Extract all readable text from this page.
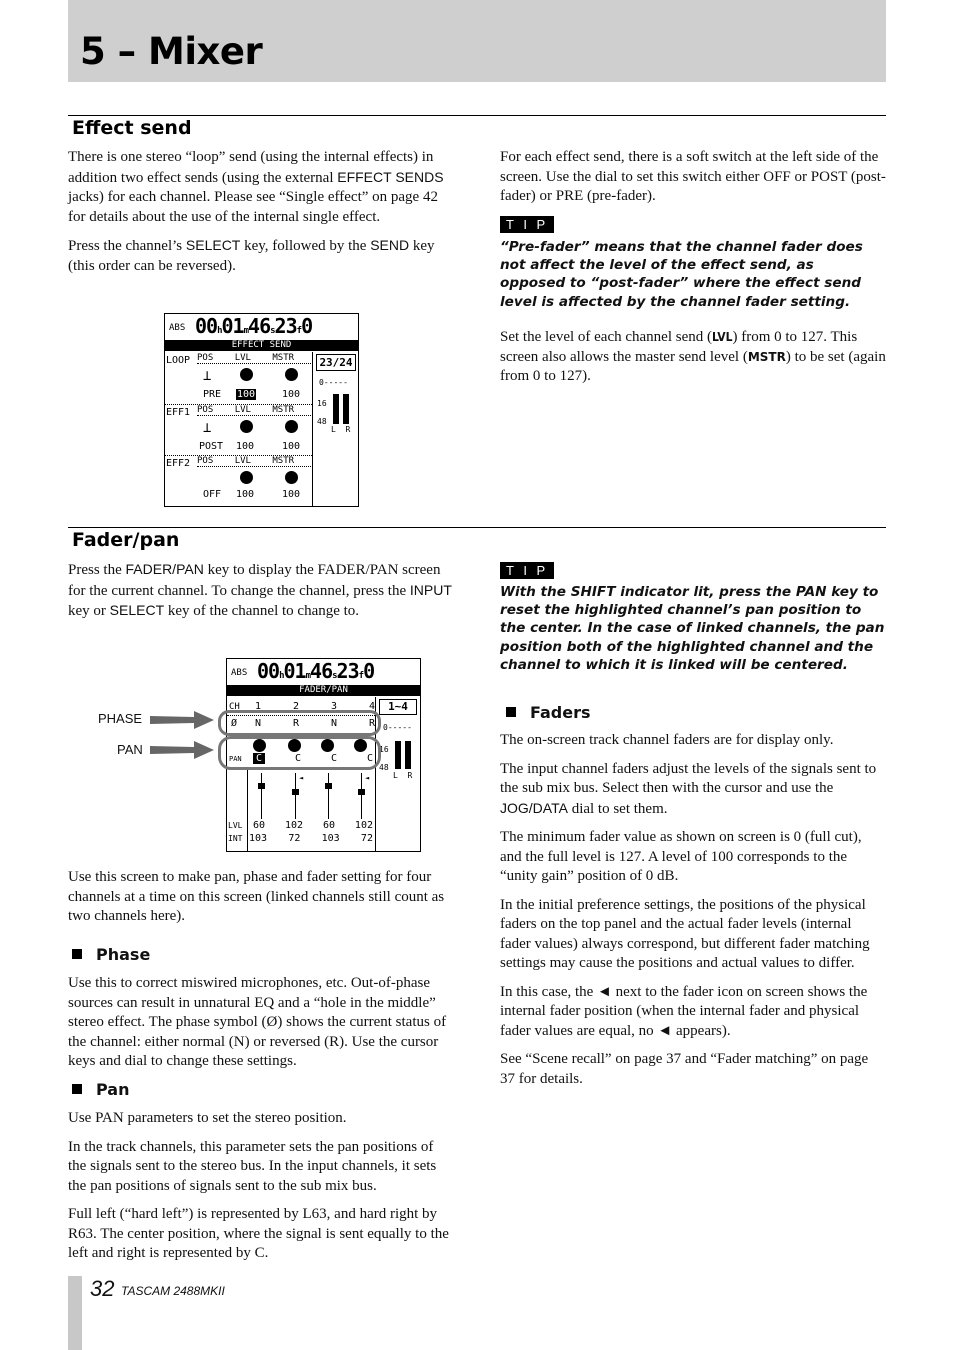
5 – Mixer
Effect send

There is one stereo “loop” send (using the internal effects) in addition two effect sends (using the external EFFECT SENDS jacks) for each channel. Please see “Single effect” on page 42 for details about the use of the internal single effect.

Press the channel’s SELECT key, followed by the SEND key (this order can be reversed).

ABS 00h01m46s23f0
EFFECT SEND
23/24
LOOP POS LVL MSTR
⊥
PRE 100	100
EFF1 POS LVL MSTR
⊥
POST 100	100
EFF2 POS LVL MSTR
OFF 100	100
0-----
16
48
L  R

For each effect send, there is a soft switch at the left side of the screen. Use the dial to set this switch either OFF or POST (post-fader) or PRE (pre-fader).

T I P
“Pre-fader” means that the channel fader does not affect the level of the effect send, as opposed to “post-fader” where the effect send level is affected by the channel fader setting.

Set the level of each channel send (LVL) from 0 to 127. This screen also allows the master send level (MSTR) to be set (again from 0 to 127).

Fader/pan

Press the FADER/PAN key to display the FADER/PAN screen for the current channel. To change the channel, press the INPUT key or SELECT key of the channel to change to.

PHASE
PAN
ABS 00h01m46s23f0
FADER/PAN
CH 1	2	3	4	1~4
Ø N	R	N	R
PAN	C	C	C	C
◄	◄
LVL 60 102 60 102
INT 103 72 103 72
0-----
16
48
L  R

Use this screen to make pan, phase and fader setting for four channels at a time on this screen (linked channels still count as two channels here).

Phase

Use this to correct miswired microphones, etc. Out-of-phase sources can result in unnatural EQ and a “hole in the middle” stereo effect. The phase symbol (Ø) shows the current status of the channel: either normal (N) or reversed (R). Use the cursor keys and dial to change these settings.

Pan

Use PAN parameters to set the stereo position.

In the track channels, this parameter sets the pan positions of the signals sent to the stereo bus. In the input channels, it sets the pan positions of signals sent to the sub mix bus.

Full left (“hard left”) is represented by L63, and hard right by R63. The center position, where the signal is sent equally to the left and right is represented by C.

T I P
With the SHIFT indicator lit, press the PAN key to reset the highlighted channel’s pan position to the center. In the case of linked channels, the pan position both of the highlighted channel and the channel to which it is linked will be centered.
Faders

The on-screen track channel faders are for display only.

The input channel faders adjust the levels of the signals sent to the sub mix bus. Select then with the cursor and use the JOG/DATA dial to set them.

The minimum fader value as shown on screen is 0 (full cut), and the full level is 127. A level of 100 corresponds to the “unity gain” position of 0 dB.

In the initial preference settings, the positions of the physical faders on the top panel and the actual fader levels (internal fader values) always correspond, but different fader matching settings may cause the positions and actual values to differ.

In this case, the ◄ next to the fader icon on screen shows the internal fader position (when the internal fader and physical fader values are equal, no ◄ appears).

See “Scene recall” on page 37 and “Fader matching” on page 37 for details.

32 TASCAM 2488MKII
